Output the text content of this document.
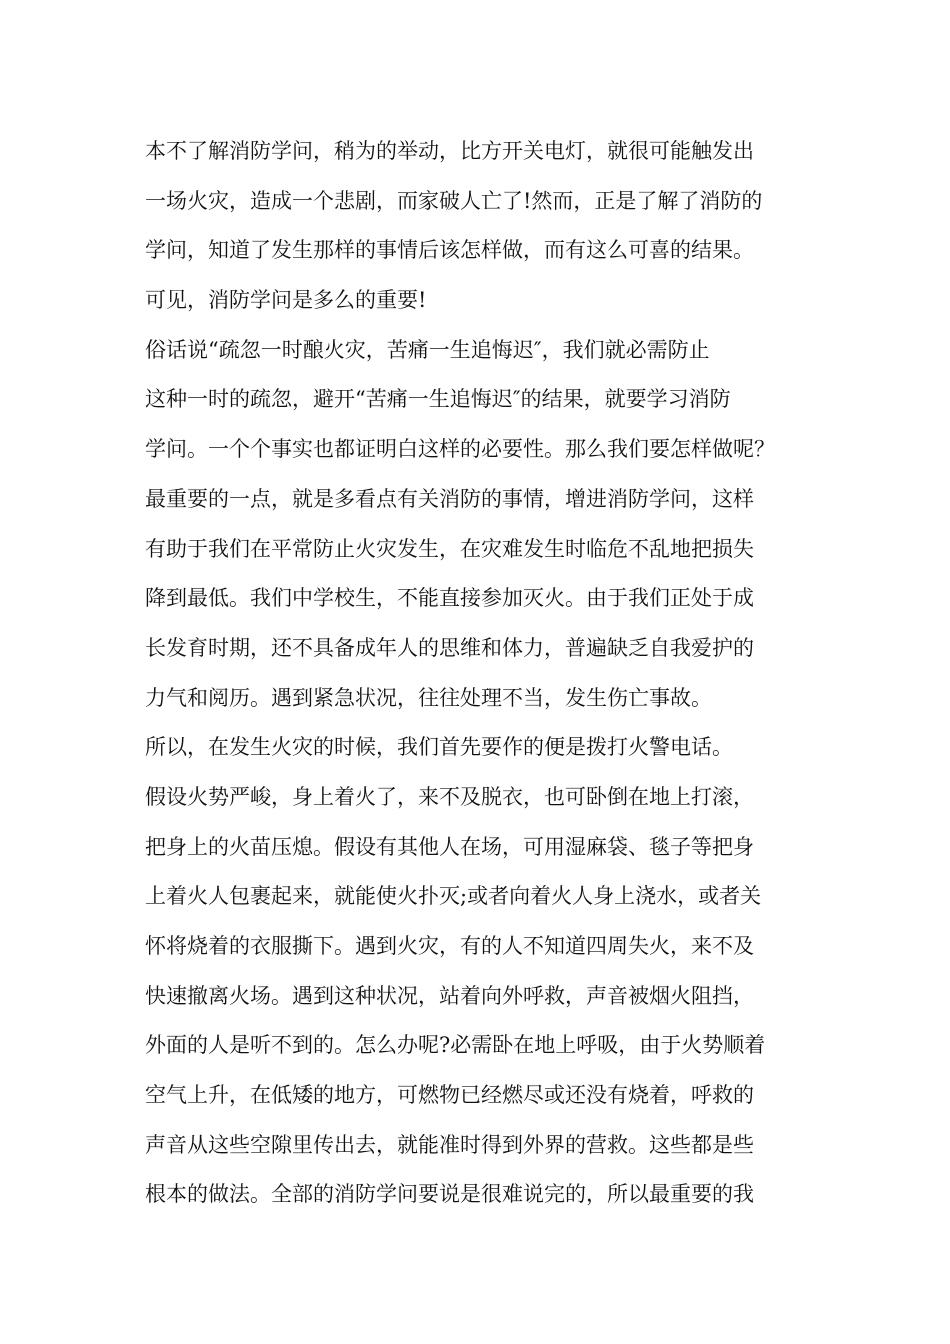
本不了解消防学问，稍为的举动，比方开关电灯，就很可能触发出
一场火灾，造成一个悲剧，而家破人亡了!然而，正是了解了消防的
学问，知道了发生那样的事情后该怎样做，而有这么可喜的结果。
可见，消防学问是多么的重要!
俗话说“疏忽一时酿火灾，苦痛一生追悔迟″，我们就必需防止
这种一时的疏忽，避开“苦痛一生追悔迟″的结果，就要学习消防
学问。一个个事实也都证明白这样的必要性。那么我们要怎样做呢？
最重要的一点，就是多看点有关消防的事情，增进消防学问，这样
有助于我们在平常防止火灾发生，在灾难发生时临危不乱地把损失
降到最低。我们中学校生，不能直接参加灭火。由于我们正处于成
长发育时期，还不具备成年人的思维和体力，普遍缺乏自我爱护的
力气和阅历。遇到紧急状况，往往处理不当，发生伤亡事故。
所以，在发生火灾的时候，我们首先要作的便是拨打火警电话。
假设火势严峻，身上着火了，来不及脱衣，也可卧倒在地上打滚，
把身上的火苗压熄。假设有其他人在场，可用湿麻袋、毯子等把身
上着火人包裹起来，就能使火扑灭;或者向着火人身上浇水，或者关
怀将烧着的衣服撕下。遇到火灾，有的人不知道四周失火，来不及
快速撤离火场。遇到这种状况，站着向外呼救，声音被烟火阻挡，
外面的人是听不到的。怎么办呢?必需卧在地上呼吸，由于火势顺着
空气上升，在低矮的地方，可燃物已经燃尽或还没有烧着，呼救的
声音从这些空隙里传出去，就能准时得到外界的营救。这些都是些
根本的做法。全部的消防学问要说是很难说完的，所以最重要的我
